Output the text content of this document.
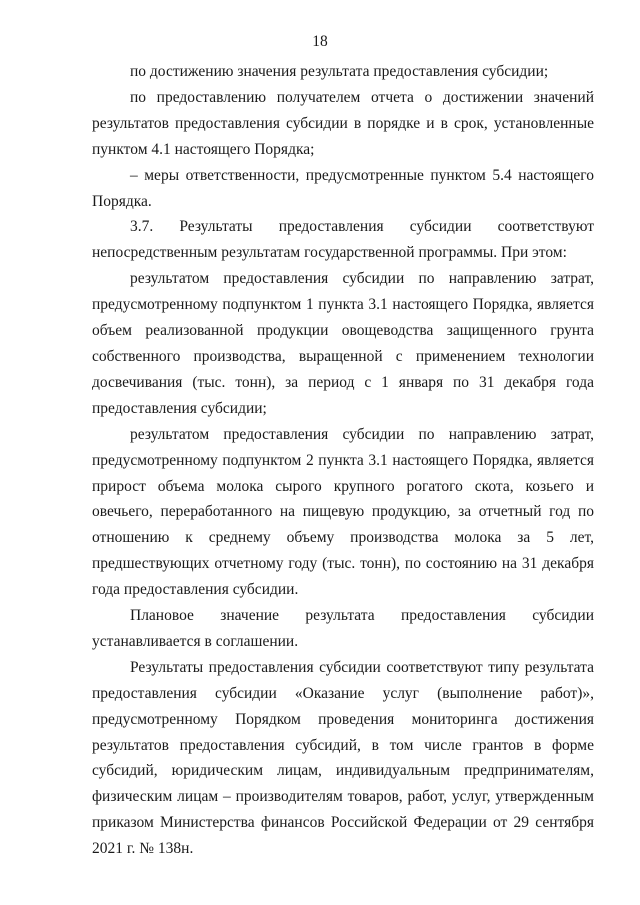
18

по достижению значения результата предоставления субсидии;

по предоставлению получателем отчета о достижении значений результатов предоставления субсидии в порядке и в срок, установленные пунктом 4.1 настоящего Порядка;

– меры ответственности, предусмотренные пунктом 5.4 настоящего Порядка.

3.7. Результаты предоставления субсидии соответствуют непосредственным результатам государственной программы. При этом:

результатом предоставления субсидии по направлению затрат, предусмотренному подпунктом 1 пункта 3.1 настоящего Порядка, является объем реализованной продукции овощеводства защищенного грунта собственного производства, выращенной с применением технологии досвечивания (тыс. тонн), за период с 1 января по 31 декабря года предоставления субсидии;

результатом предоставления субсидии по направлению затрат, предусмотренному подпунктом 2 пункта 3.1 настоящего Порядка, является прирост объема молока сырого крупного рогатого скота, козьего и овечьего, переработанного на пищевую продукцию, за отчетный год по отношению к среднему объему производства молока за 5 лет, предшествующих отчетному году (тыс. тонн), по состоянию на 31 декабря года предоставления субсидии.

Плановое значение результата предоставления субсидии устанавливается в соглашении.

Результаты предоставления субсидии соответствуют типу результата предоставления субсидии «Оказание услуг (выполнение работ)», предусмотренному Порядком проведения мониторинга достижения результатов предоставления субсидий, в том числе грантов в форме субсидий, юридическим лицам, индивидуальным предпринимателям, физическим лицам – производителям товаров, работ, услуг, утвержденным приказом Министерства финансов Российской Федерации от 29 сентября 2021 г. № 138н.
